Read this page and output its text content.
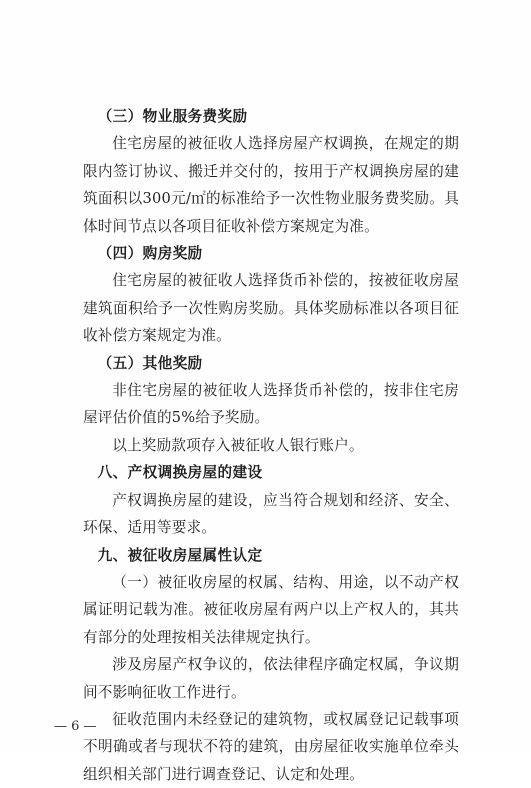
（三）物业服务费奖励

住宅房屋的被征收人选择房屋产权调换，在规定的期限内签订协议、搬迁并交付的，按用于产权调换房屋的建筑面积以300元/㎡的标准给予一次性物业服务费奖励。具体时间节点以各项目征收补偿方案规定为准。

（四）购房奖励

住宅房屋的被征收人选择货币补偿的，按被征收房屋建筑面积给予一次性购房奖励。具体奖励标准以各项目征收补偿方案规定为准。

（五）其他奖励

非住宅房屋的被征收人选择货币补偿的，按非住宅房屋评估价值的5%给予奖励。

以上奖励款项存入被征收人银行账户。

八、产权调换房屋的建设

产权调换房屋的建设，应当符合规划和经济、安全、环保、适用等要求。

九、被征收房屋属性认定

（一）被征收房屋的权属、结构、用途，以不动产权属证明记载为准。被征收房屋有两户以上产权人的，其共有部分的处理按相关法律规定执行。

涉及房屋产权争议的，依法律程序确定权属，争议期间不影响征收工作进行。

征收范围内未经登记的建筑物，或权属登记记载事项不明确或者与现状不符的建筑，由房屋征收实施单位牵头组织相关部门进行调查登记、认定和处理。

— 6 —
